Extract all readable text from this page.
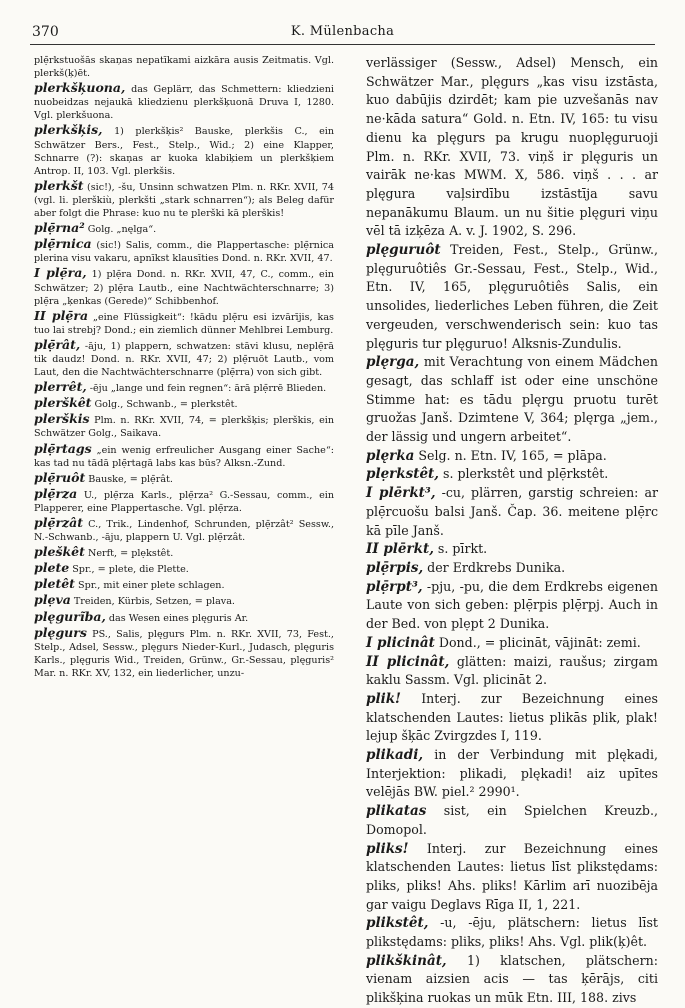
370	K. Mülenbacha
plẹ̄rkstuošās skaņas nepatīkami aizkāra ausis Zeitmatis. Vgl. plerkš(ķ)ēt.
plerkšķuona, das Geplärr, das Schmettern: kliedzieni nuobeidzas nejaukā kliedzienu plerkšķuonā Druva I, 1280. Vgl. plerkšuona.
plerkšķis, 1) plerkšķis² Bauske, plerkšis C., ein Schwätzer Bers., Fest., Stelp., Wid.; 2) eine Klapper, Schnarre (?): skaņas ar kuoka klabiķiem un plerkšķiem Antrop. II, 103. Vgl. plerkšis.
plerkšt (sic!), -šu, Unsinn schwatzen Plm. n. RKr. XVII, 74 (vgl. li. plerškiù, plerkšti „stark schnarren“); als Beleg dafür aber folgt die Phrase: kuo nu te plerški kā plerškis!
plẹ̄rna² Golg. „nęlga“.
plẹ̄rnica (sic!) Salis, comm., die Plappertasche: plẹ̄rnica plerina visu vakaru, apnīkst klausīties Dond. n. RKr. XVII, 47.
I plẹ̄ra, 1) plẹ̄ra Dond. n. RKr. XVII, 47, C., comm., ein Schwätzer; 2) plẹ̄ra Lautb., eine Nachtwächterschnarre; 3) plẹ̄ra „ķenkas (Gerede)“ Schibbenhof.
II plẹ̄ra „eine Flüssigkeit“: !kādu plẹ̄ru esi izvārījis, kas tuo lai strebj? Dond.; ein ziemlich dünner Mehlbrei Lemburg.
plẹ̄rât, -āju, 1) plappern, schwatzen: stāvi klusu, neplẹ̄rā tik daudz! Dond. n. RKr. XVII, 47; 2) plẹ̄ruōt Lautb., vom Laut, den die Nachtwächterschnarre (plẹ̄rra) von sich gibt.
plerrêt, -ēju „lange und fein regnen“: ārā plẹ̄rrē Blieden.
plerškêt Golg., Schwanb., = plerkstêt.
plerškis Plm. n. RKr. XVII, 74, = plerkšķis; plerškis, ein Schwätzer Golg., Saikava.
plẹ̄rtags „ein wenig erfreulicher Ausgang einer Sache“: kas tad nu tādā plẹ̄rtagā labs kas būs? Alksn.-Zund.
plẹ̄ruôt Bauske, = plẹ̄rât.
plẹ̄rza U., plẹ̄rza Karls., plẹ̄rza² G.-Sessau, comm., ein Plapperer, eine Plappertasche. Vgl. plẹ̄rza.
plẹ̄rzât C., Trik., Lindenhof, Schrunden, plẹ̄rzât² Sessw., N.-Schwanb., -āju, plappern U. Vgl. plẹ̄rzât.
pleškêt Nerft, = plẹkstêt.
plete Spr., = plete, die Plette.
pletêt Spr., mit einer plete schlagen.
plẹva Treiden, Kürbis, Setzen, = plava.
plęgurĩba, das Wesen eines plęguris Ar.
plęgurs PS., Salis, plęgurs Plm. n. RKr. XVII, 73, Fest., Stelp., Adsel, Sessw., plęgurs Nieder-Kurl., Judasch, plęguris Karls., plęguris Wid., Treiden, Grünw., Gr.-Sessau, plęguris² Mar. n. RKr. XV, 132, ein liederlicher, unzu-
verlässiger (Sessw., Adsel) Mensch, ein Schwätzer Mar., plęgurs „kas visu izstāsta, kuo dabūjis dzirdēt; kam pie uzvešanās nav ne·kāda satura“ Gold. n. Etn. IV, 165: tu visu dienu ka plęgurs pa krugu nuoplęguruoji Plm. n. RKr. XVII, 73. viņš ir plęguris un vairāk ne·kas MWM. X, 586. viņš . . . ar plęgura vaļsirdību izstāstīja savu nepanākumu Blaum. un nu šitie plęguri viņu vēl tā izķēza A. v. J. 1902, S. 296.
plęguruôt Treiden, Fest., Stelp., Grünw., plęguruôtiês Gr.-Sessau, Fest., Stelp., Wid., Etn. IV, 165, plęguruôtiês Salis, ein unsolides, liederliches Leben führen, die Zeit vergeuden, verschwenderisch sein: kuo tas plęguris tur plęguruo! Alksnis-Zundulis.
plęrga, mit Verachtung von einem Mädchen gesagt, das schlaff ist oder eine unschöne Stimme hat: es tādu plęrgu pruotu turēt gruožas Janš. Dzimtene V, 364; plęrga „jem., der lässig und ungern arbeitet“.
plęrka Selg. n. Etn. IV, 165, = plāpa.
plẹrkstêt, s. plerkstêt und plẹ̄rkstêt.
I plērkt³, -cu, plärren, garstig schreien: ar plẹ̄rcuošu balsi Janš. Čap. 36. meitene plẹ̄rc kā pīle Janš.
II plērkt, s. pīrkt.
plẹ̄rpis, der Erdkrebs Dunika.
plẹ̄rpt³, -pju, -pu, die dem Erdkrebs eigenen Laute von sich geben: plẹ̄rpis plẹ̄rpj. Auch in der Bed. von plẹpt 2 Dunika.
I plicinât Dond., = plicināt, vājināt: zemi.
II plicinât, glätten: maizi, raušus; zirgam kaklu Sassm. Vgl. plicināt 2.
plik! Interj. zur Bezeichnung eines klatschenden Lautes: lietus plikās plik, plak! lejup šķāc Zvirgzdes I, 119.
plikadi, in der Verbindung mit plękadi, Interjektion: plikadi, plękadi! aiz upītes velējās BW. piel.² 2990¹.
plikatas sist, ein Spielchen Kreuzb., Domopol.
pliks! Interj. zur Bezeichnung eines klatschenden Lautes: lietus līst plikstędams: pliks, pliks! Ahs. pliks! Kārlim arī nuozibēja gar vaigu Deglavs Rīga II, 1, 221.
plikstêt, -u, -ēju, plätschern: lietus līst plikstędams: pliks, pliks! Ahs. Vgl. plik(ķ)êt.
plikškinât, 1) klatschen, plätschern: vienam aizsien acis — tas ķērājs, citi plikšķina ruokas un mūk Etn. III, 188. zivs
